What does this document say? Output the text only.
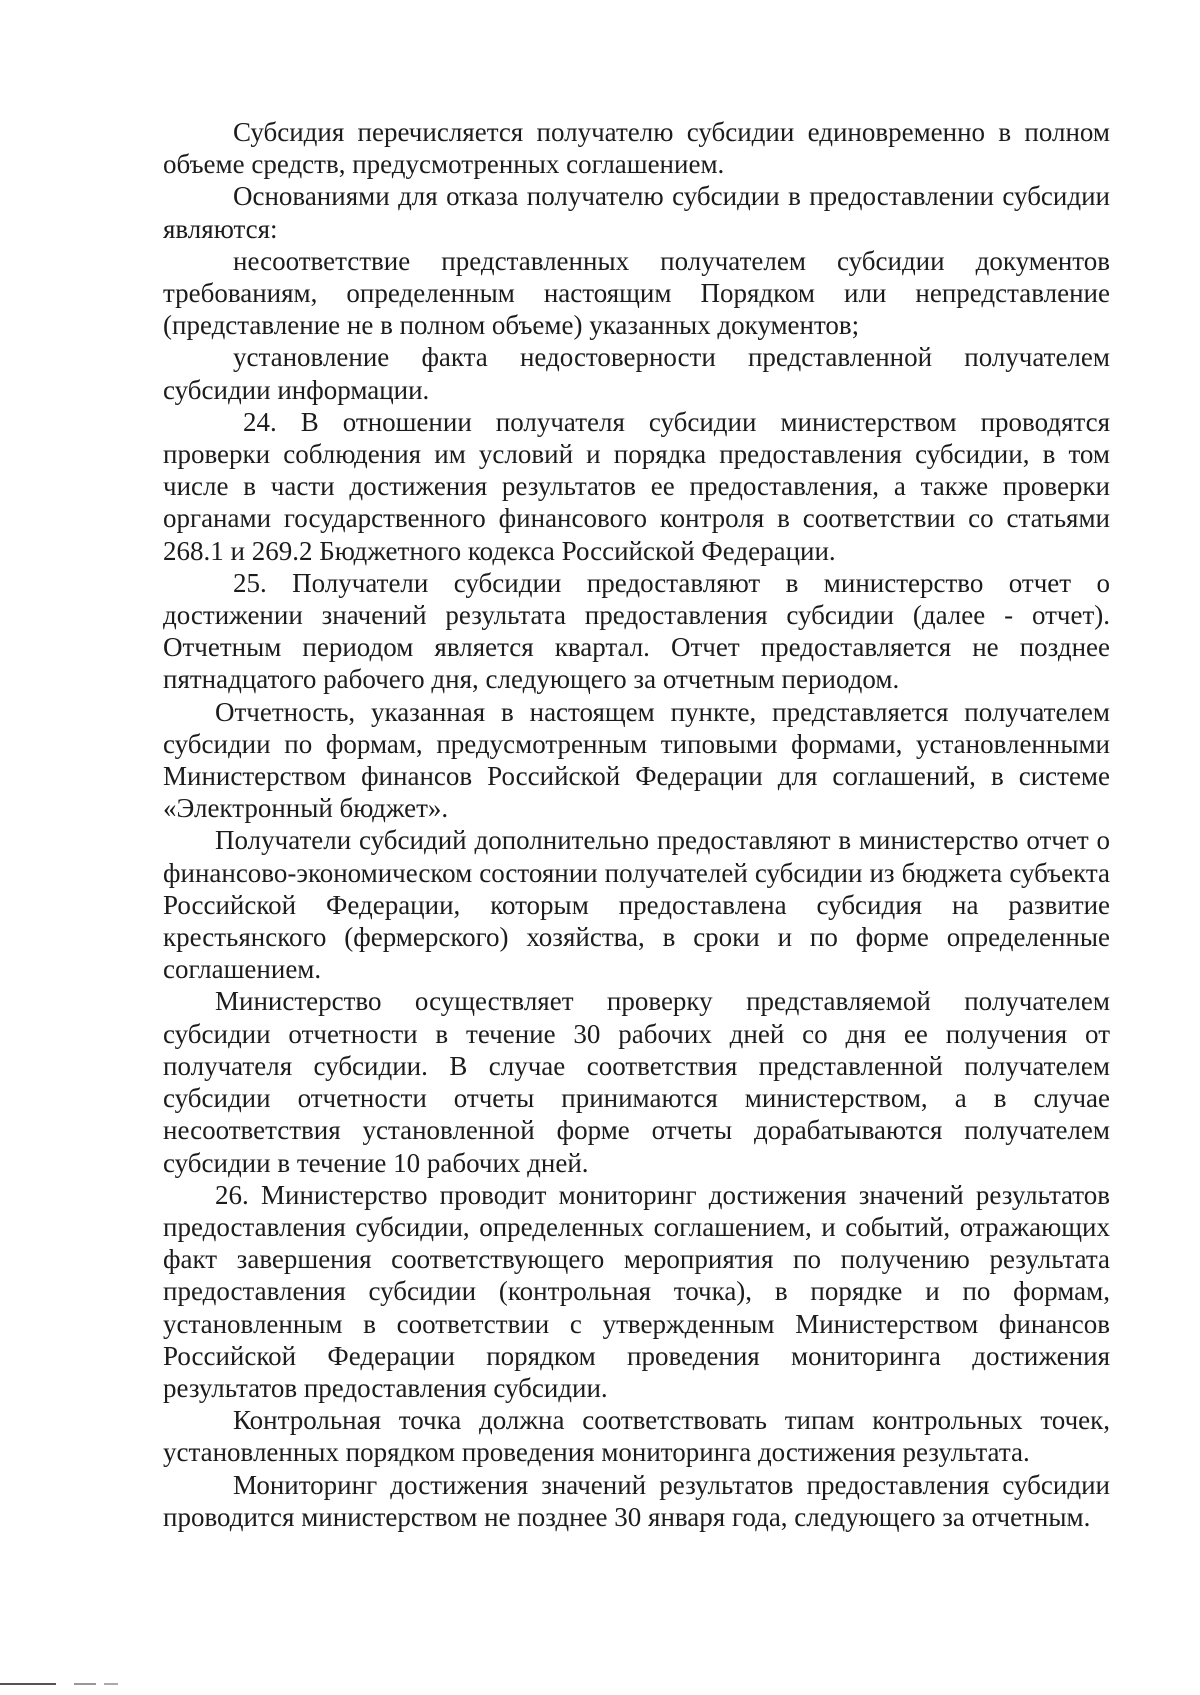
Субсидия перечисляется получателю субсидии единовременно в полном объеме средств, предусмотренных соглашением.

Основаниями для отказа получателю субсидии в предоставлении субсидии являются:

несоответствие представленных получателем субсидии документов требованиям, определенным настоящим Порядком или непредставление (представление не в полном объеме) указанных документов;

установление факта недостоверности представленной получателем субсидии информации.

24. В отношении получателя субсидии министерством проводятся проверки соблюдения им условий и порядка предоставления субсидии, в том числе в части достижения результатов ее предоставления, а также проверки органами государственного финансового контроля в соответствии со статьями 268.1 и 269.2 Бюджетного кодекса Российской Федерации.

25. Получатели субсидии предоставляют в министерство отчет о достижении значений результата предоставления субсидии (далее - отчет). Отчетным периодом является квартал. Отчет предоставляется не позднее пятнадцатого рабочего дня, следующего за отчетным периодом.

Отчетность, указанная в настоящем пункте, представляется получателем субсидии по формам, предусмотренным типовыми формами, установленными Министерством финансов Российской Федерации для соглашений, в системе «Электронный бюджет».

Получатели субсидий дополнительно предоставляют в министерство отчет о финансово-экономическом состоянии получателей субсидии из бюджета субъекта Российской Федерации, которым предоставлена субсидия на развитие крестьянского (фермерского) хозяйства, в сроки и по форме определенные соглашением.

Министерство осуществляет проверку представляемой получателем субсидии отчетности в течение 30 рабочих дней со дня ее получения от получателя субсидии. В случае соответствия представленной получателем субсидии отчетности отчеты принимаются министерством, а в случае несоответствия установленной форме отчеты дорабатываются получателем субсидии в течение 10 рабочих дней.

26. Министерство проводит мониторинг достижения значений результатов предоставления субсидии, определенных соглашением, и событий, отражающих факт завершения соответствующего мероприятия по получению результата предоставления субсидии (контрольная точка), в порядке и по формам, установленным в соответствии с утвержденным Министерством финансов Российской Федерации порядком проведения мониторинга достижения результатов предоставления субсидии.

Контрольная точка должна соответствовать типам контрольных точек, установленных порядком проведения мониторинга достижения результата.

Мониторинг достижения значений результатов предоставления субсидии проводится министерством не позднее 30 января года, следующего за отчетным.
